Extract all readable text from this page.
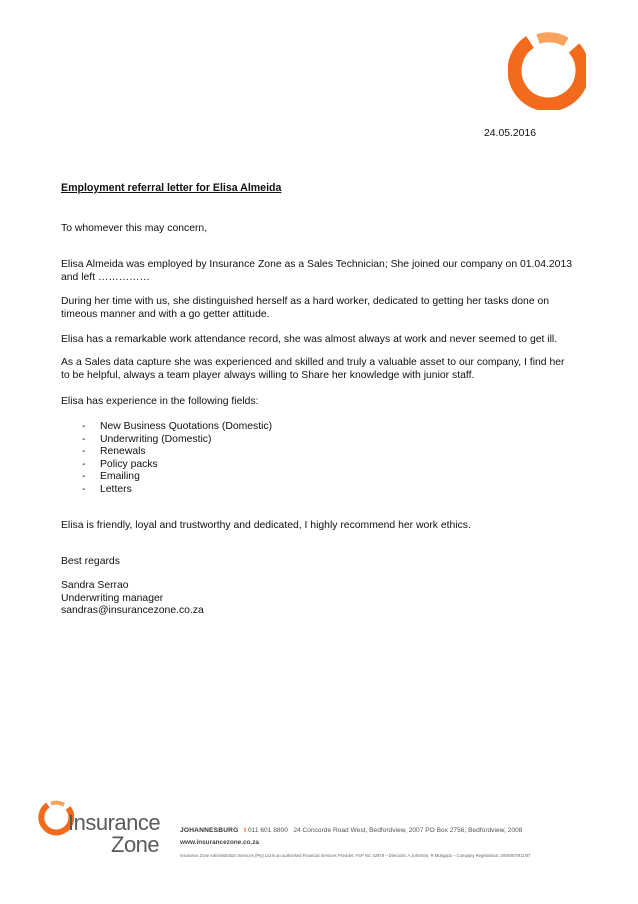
24.05.2016
Employment referral letter for Elisa Almeida
To whomever this may concern,
Elisa Almeida was employed by Insurance Zone as a Sales Technician; She joined our company on 01.04.2013
and left ……………
During her time with us, she distinguished herself as a hard worker, dedicated to getting her tasks done on
timeous manner and with a go getter attitude.
Elisa has a remarkable work attendance record, she was almost always at work and never seemed to get ill.
As a Sales data capture she was experienced and skilled and truly a valuable asset to our company, I find her
to be helpful, always a team player always willing to Share her knowledge with junior staff.
Elisa has experience in the following fields:
- New Business Quotations (Domestic)
- Underwriting (Domestic)
- Renewals
- Policy packs
- Emailing
- Letters
Elisa is friendly, loyal and trustworthy and dedicated, I highly recommend her work ethics.
Best regards
Sandra Serrao
Underwriting manager
sandras@insurancezone.co.za
Insurance
Zone
JOHANNESBURG t 011 601 8800 24 Concorde Road West, Bedfordview, 2007 PO Box 2756, Bedfordview, 2008
www.insurancezone.co.za
Insurance Zone Administration Services (Pty) Ltd is an authorised Financial Services Provider. FSP No: 42879 – Directors: A Johnston, R Mukgopa – Company Registration: 2006/007911/07
